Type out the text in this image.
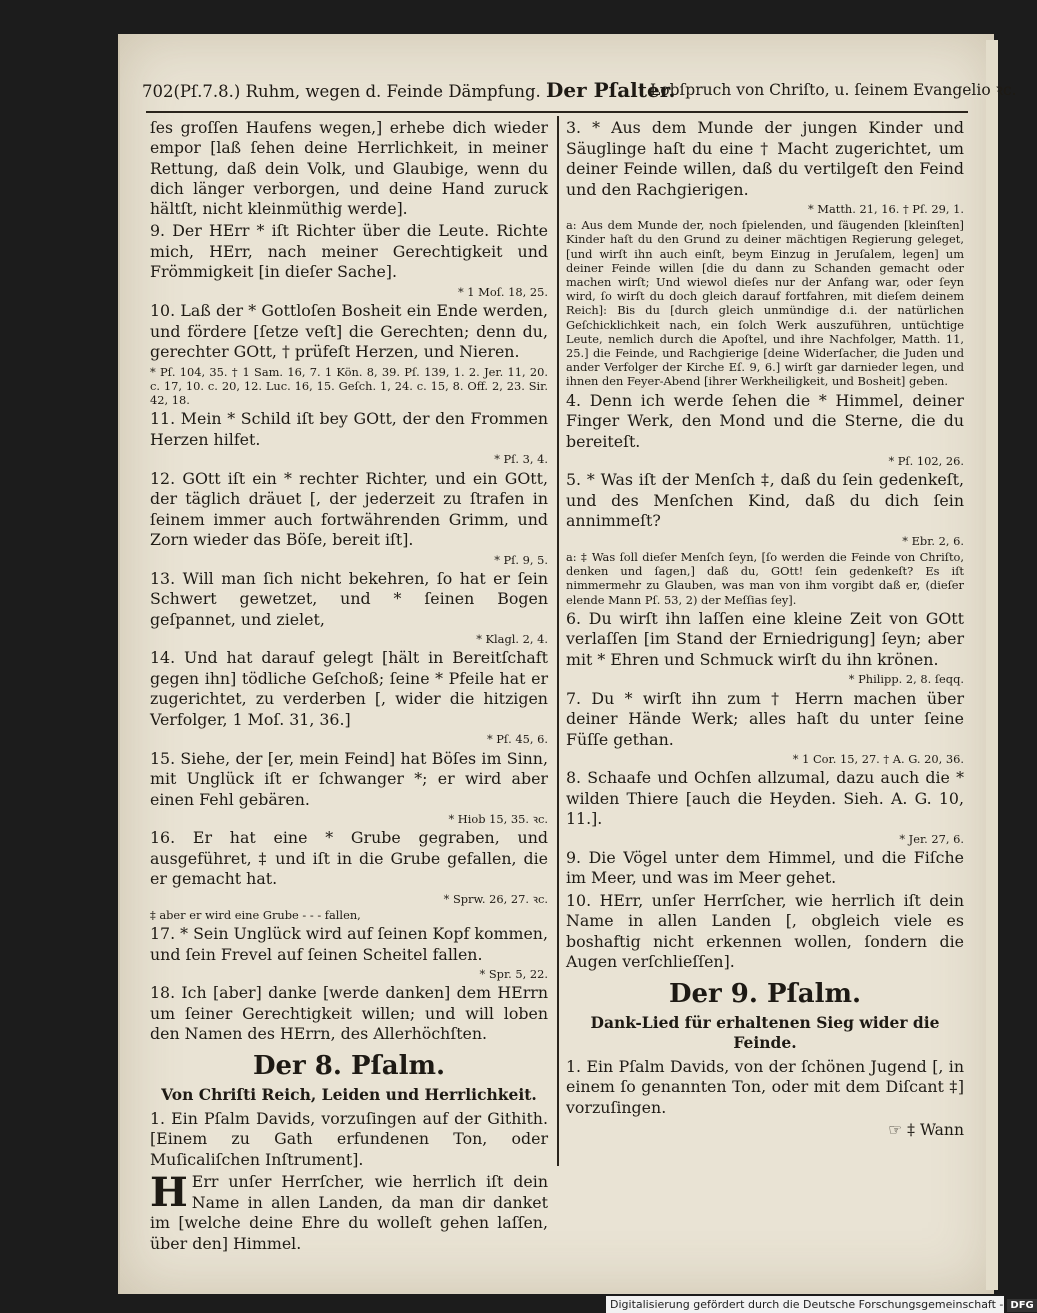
702(Pſ.7.8.) Ruhm, wegen d. Feinde Dämpfung. Der Pſalter.
Lobſpruch von Chriſto, u. ſeinem Evangelio ꝛc.

ſes groſſen Haufens wegen,] erhebe dich wieder empor [laß ſehen deine Herrlichkeit, in meiner Rettung, daß dein Volk, und Glaubige, wenn du dich länger verborgen, und deine Hand zuruck hältſt, nicht kleinmüthig werde].

9. Der HErr * iſt Richter über die Leute. Richte mich, HErr, nach meiner Gerechtigkeit und Frömmigkeit [in dieſer Sache].

* 1 Moſ. 18, 25.

10. Laß der * Gottloſen Bosheit ein Ende werden, und fördere [ſetze veſt] die Gerechten; denn du, gerechter GOtt, † prüfeſt Herzen, und Nieren.

* Pſ. 104, 35. † 1 Sam. 16, 7. 1 Kön. 8, 39. Pſ. 139, 1. 2. Jer. 11, 20. c. 17, 10. c. 20, 12. Luc. 16, 15. Geſch. 1, 24. c. 15, 8. Off. 2, 23. Sir. 42, 18.

11. Mein * Schild iſt bey GOtt, der den Frommen Herzen hilfet.

* Pſ. 3, 4.

12. GOtt iſt ein * rechter Richter, und ein GOtt, der täglich dräuet [, der jederzeit zu ſtrafen in ſeinem immer auch fortwährenden Grimm, und Zorn wieder das Böſe, bereit iſt].

* Pſ. 9, 5.

13. Will man ſich nicht bekehren, ſo hat er ſein Schwert gewetzet, und * ſeinen Bogen geſpannet, und zielet,

* Klagl. 2, 4.

14. Und hat darauf gelegt [hält in Bereitſchaft gegen ihn] tödliche Geſchoß; ſeine * Pfeile hat er zugerichtet, zu verderben [, wider die hitzigen Verfolger, 1 Moſ. 31, 36.]

* Pſ. 45, 6.

15. Siehe, der [er, mein Feind] hat Böſes im Sinn, mit Unglück iſt er ſchwanger *; er wird aber einen Fehl gebären.

* Hiob 15, 35. ꝛc.

16. Er hat eine * Grube gegraben, und ausgeführet, ‡ und iſt in die Grube gefallen, die er gemacht hat.

* Sprw. 26, 27. ꝛc.

‡ aber er wird eine Grube - - - fallen,

17. * Sein Unglück wird auf ſeinen Kopf kommen, und ſein Frevel auf ſeinen Scheitel fallen.

* Spr. 5, 22.

18. Ich [aber] danke [werde danken] dem HErrn um ſeiner Gerechtigkeit willen; und will loben den Namen des HErrn, des Allerhöchſten.

Der 8. Pſalm.
Von Chriſti Reich, Leiden und Herrlichkeit.

1. Ein Pſalm Davids, vorzuſingen auf der Githith. [Einem zu Gath erfundenen Ton, oder Muſicaliſchen Inſtrument].

H Err unſer Herrſcher, wie herrlich iſt dein Name in allen Landen, da man dir danket im [welche deine Ehre du wolleſt gehen laſſen, über den] Himmel.

3. * Aus dem Munde der jungen Kinder und Säuglinge haſt du eine † Macht zugerichtet, um deiner Feinde willen, daß du vertilgeſt den Feind und den Rachgierigen.

* Matth. 21, 16. † Pſ. 29, 1.

a: Aus dem Munde der, noch ſpielenden, und ſäugenden [kleinſten] Kinder haſt du den Grund zu deiner mächtigen Regierung geleget, [und wirſt ihn auch einſt, beym Einzug in Jeruſalem, legen] um deiner Feinde willen [die du dann zu Schanden gemacht oder machen wirſt; Und wiewol dieſes nur der Anfang war, oder ſeyn wird, ſo wirſt du doch gleich darauf fortfahren, mit dieſem deinem Reich]: Bis du [durch gleich unmündige d.i. der natürlichen Geſchicklichkeit nach, ein ſolch Werk auszuführen, untüchtige Leute, nemlich durch die Apoſtel, und ihre Nachfolger, Matth. 11, 25.] die Feinde, und Rachgierige [deine Widerſacher, die Juden und ander Verfolger der Kirche Eſ. 9, 6.] wirſt gar darnieder legen, und ihnen den Feyer-Abend [ihrer Werkheiligkeit, und Bosheit] geben.

4. Denn ich werde ſehen die * Himmel, deiner Finger Werk, den Mond und die Sterne, die du bereiteſt.

* Pſ. 102, 26.

5. * Was iſt der Menſch ‡, daß du ſein gedenkeſt, und des Menſchen Kind, daß du dich ſein annimmeſt?

* Ebr. 2, 6.

a: ‡ Was ſoll dieſer Menſch ſeyn, [ſo werden die Feinde von Chriſto, denken und ſagen,] daß du, GOtt! ſein gedenkeſt? Es iſt nimmermehr zu Glauben, was man von ihm vorgibt daß er, (dieſer elende Mann Pſ. 53, 2) der Meſſias ſey].

6. Du wirſt ihn laſſen eine kleine Zeit von GOtt verlaſſen [im Stand der Erniedrigung] ſeyn; aber mit * Ehren und Schmuck wirſt du ihn krönen.

* Philipp. 2, 8. ſeqq.

7. Du * wirſt ihn zum † Herrn machen über deiner Hände Werk; alles haſt du unter ſeine Füſſe gethan.

* 1 Cor. 15, 27. † A. G. 20, 36.

8. Schaafe und Ochſen allzumal, dazu auch die * wilden Thiere [auch die Heyden. Sieh. A. G. 10, 11.].

* Jer. 27, 6.

9. Die Vögel unter dem Himmel, und die Fiſche im Meer, und was im Meer gehet.

10. HErr, unſer Herrſcher, wie herrlich iſt dein Name in allen Landen [, obgleich viele es boshaftig nicht erkennen wollen, ſondern die Augen verſchlieſſen].

Der 9. Pſalm.
Dank-Lied für erhaltenen Sieg wider die Feinde.

1. Ein Pſalm Davids, von der ſchönen Jugend [, in einem ſo genannten Ton, oder mit dem Diſcant ‡] vorzuſingen.

☞ ‡ Wann

Digitalisierung gefördert durch die Deutsche Forschungsgemeinschaft - DFG
